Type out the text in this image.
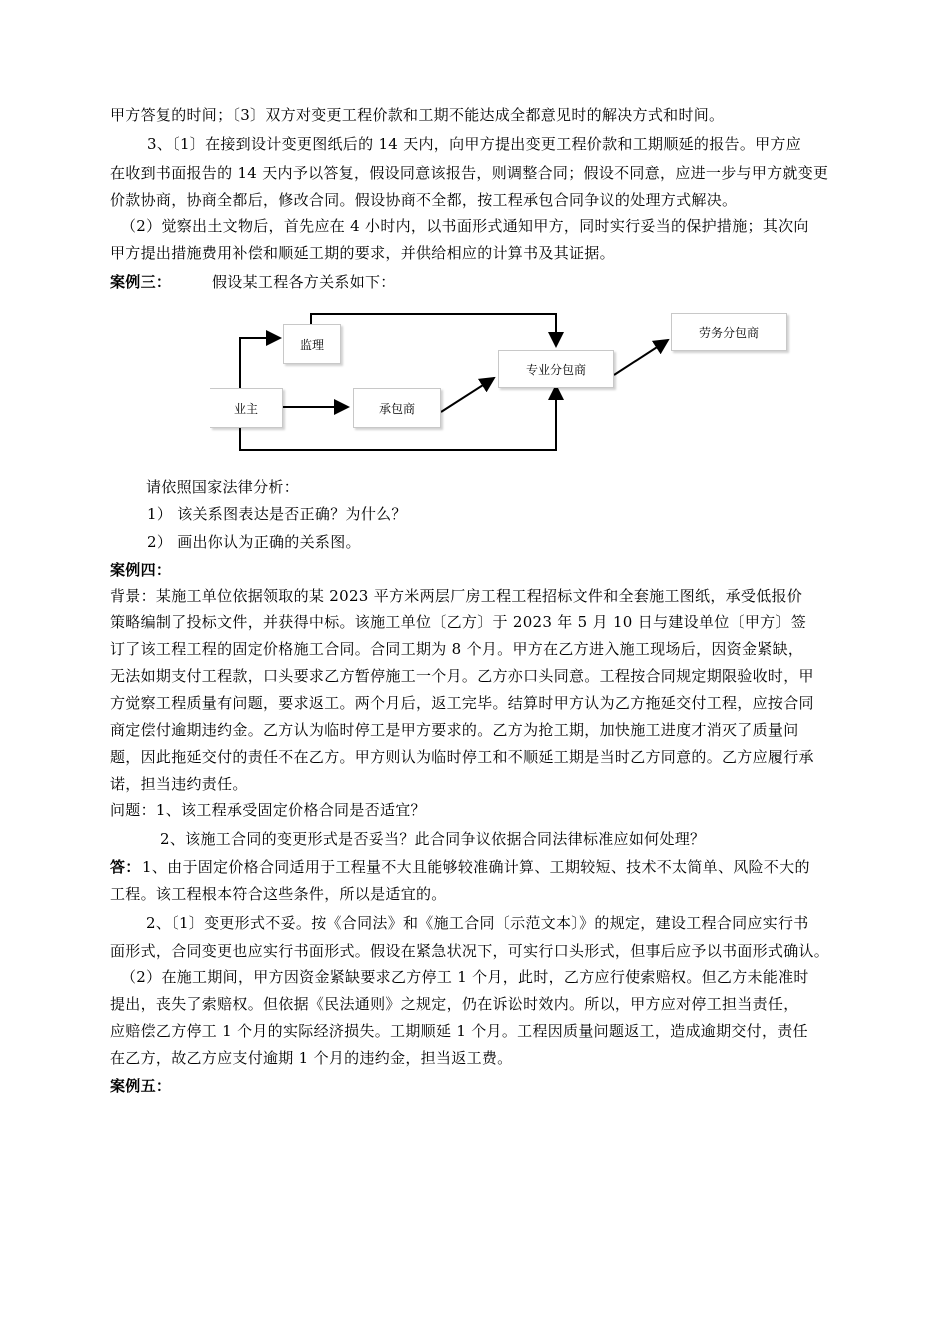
甲方答复的时间；〔3〕双方对变更工程价款和工期不能达成全都意见时的解决方式和时间。
3、〔1〕在接到设计变更图纸后的 14 天内，向甲方提出变更工程价款和工期顺延的报告。甲方应
在收到书面报告的 14 天内予以答复，假设同意该报告，则调整合同；假设不同意，应进一步与甲方就变更
价款协商，协商全都后，修改合同。假设协商不全都，按工程承包合同争议的处理方式解决。
（2）觉察出土文物后，首先应在 4 小时内，以书面形式通知甲方，同时实行妥当的保护措施；其次向
甲方提出措施费用补偿和顺延工期的要求，并供给相应的计算书及其证据。
案例三：	假设某工程各方关系如下：
监理
业主	承包商
专业分包商
劳务分包商
请依照国家法律分析：
1） 该关系图表达是否正确？为什么？
2） 画出你认为正确的关系图。
案例四：
背景：某施工单位依据领取的某 2023 平方米两层厂房工程工程招标文件和全套施工图纸，承受低报价
策略编制了投标文件，并获得中标。该施工单位〔乙方〕于 2023 年 5 月 10 日与建设单位〔甲方〕签
订了该工程工程的固定价格施工合同。合同工期为 8 个月。甲方在乙方进入施工现场后，因资金紧缺，
无法如期支付工程款，口头要求乙方暂停施工一个月。乙方亦口头同意。工程按合同规定期限验收时，甲
方觉察工程质量有问题，要求返工。两个月后，返工完毕。结算时甲方认为乙方拖延交付工程，应按合同
商定偿付逾期违约金。乙方认为临时停工是甲方要求的。乙方为抢工期，加快施工进度才消灭了质量问
题，因此拖延交付的责任不在乙方。甲方则认为临时停工和不顺延工期是当时乙方同意的。乙方应履行承
诺，担当违约责任。
问题：1、该工程承受固定价格合同是否适宜？
2、该施工合同的变更形式是否妥当？此合同争议依据合同法律标准应如何处理？
答： 1、由于固定价格合同适用于工程量不大且能够较准确计算、工期较短、技术不太简单、风险不大的
工程。该工程根本符合这些条件，所以是适宜的。
2、〔1〕变更形式不妥。按《合同法》和《施工合同〔示范文本〕》的规定，建设工程合同应实行书
面形式，合同变更也应实行书面形式。假设在紧急状况下，可实行口头形式，但事后应予以书面形式确认。
（2）在施工期间，甲方因资金紧缺要求乙方停工 1 个月，此时，乙方应行使索赔权。但乙方未能准时
提出，丧失了索赔权。但依据《民法通则》之规定，仍在诉讼时效内。所以，甲方应对停工担当责任，
应赔偿乙方停工 1 个月的实际经济损失。工期顺延 1 个月。工程因质量问题返工，造成逾期交付，责任
在乙方，故乙方应支付逾期 1 个月的违约金，担当返工费。
案例五：
